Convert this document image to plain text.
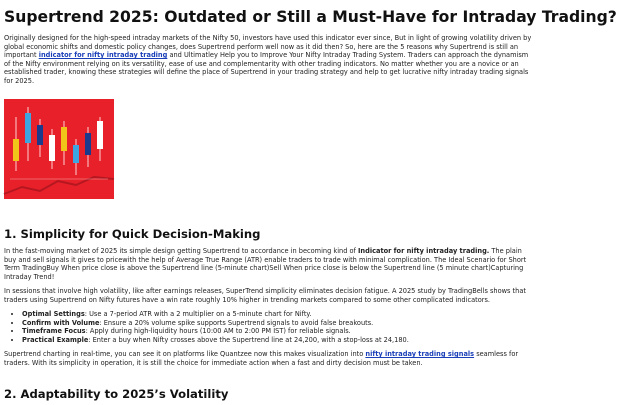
Supertrend 2025: Outdated or Still a Must-Have for Intraday Trading?

Originally designed for the high-speed intraday markets of the Nifty 50, investors have used this indicator ever since, But in light of growing volatility driven by global economic shifts and domestic policy changes, does Supertrend perform well now as it did then? So, here are the 5 reasons why Supertrend is still an important indicator for nifty intraday trading and Ultimatley Help you to Improve Your Nifty Intraday Trading System. Traders can approach the dynamism of the Nifty environment relying on its versatility, ease of use and complementarity with other trading indicators. No matter whether you are a novice or an established trader, knowing these strategies will define the place of Supertrend in your trading strategy and help to get lucrative nifty intraday trading signals for 2025.

1. Simplicity for Quick Decision-Making

In the fast-moving market of 2025 its simple design getting Supertrend to accordance in becoming kind of Indicator for nifty intraday trading. The plain buy and sell signals it gives to pricewith the help of Average True Range (ATR) enable traders to trade with minimal complication. The Ideal Scenario for Short Term TradingBuy When price close is above the Supertrend line (5-minute chart)Sell When price close is below the Supertrend line (5 minute chart)Capturing Intraday Trend!

In sessions that involve high volatility, like after earnings releases, SuperTrend simplicity eliminates decision fatigue. A 2025 study by TradingBells shows that traders using Supertrend on Nifty futures have a win rate roughly 10% higher in trending markets compared to some other complicated indicators.

• Optimal Settings: Use a 7-period ATR with a 2 multiplier on a 5-minute chart for Nifty.
• Confirm with Volume: Ensure a 20% volume spike supports Supertrend signals to avoid false breakouts.
• Timeframe Focus: Apply during high-liquidity hours (10:00 AM to 2:00 PM IST) for reliable signals.
• Practical Example: Enter a buy when Nifty crosses above the Supertrend line at 24,200, with a stop-loss at 24,180.

Supertrend charting in real-time, you can see it on platforms like Quantzee now this makes visualization into nifty intraday trading signals seamless for traders. With its simplicity in operation, it is still the choice for immediate action when a fast and dirty decision must be taken.

2. Adaptability to 2025’s Volatility
